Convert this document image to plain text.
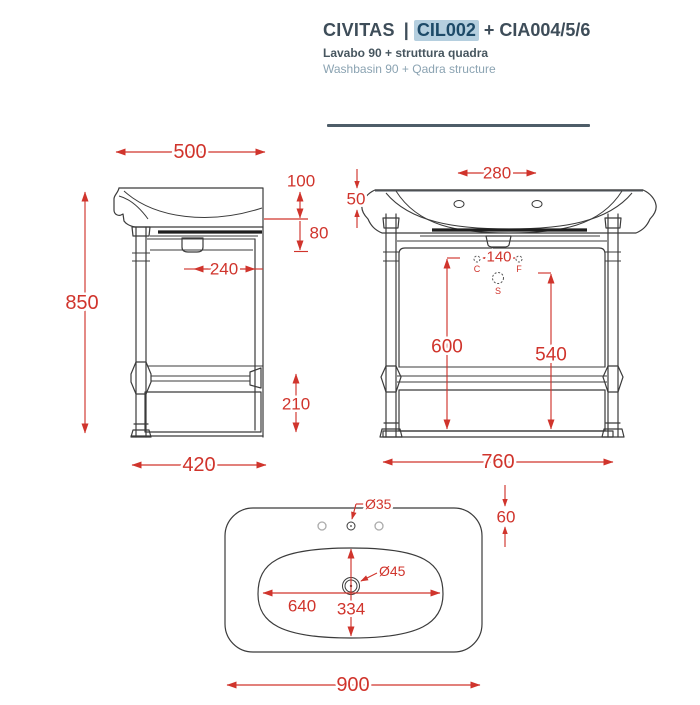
CIVITAS | CIL002 + CIA004/5/6
Lavabo 90 + struttura quadra
Washbasin 90 + Qadra structure
500
850
100
80
240
210
420
280
50
140
C	F
S
600	540
760
60
Ø35
Ø45
640 334
900
